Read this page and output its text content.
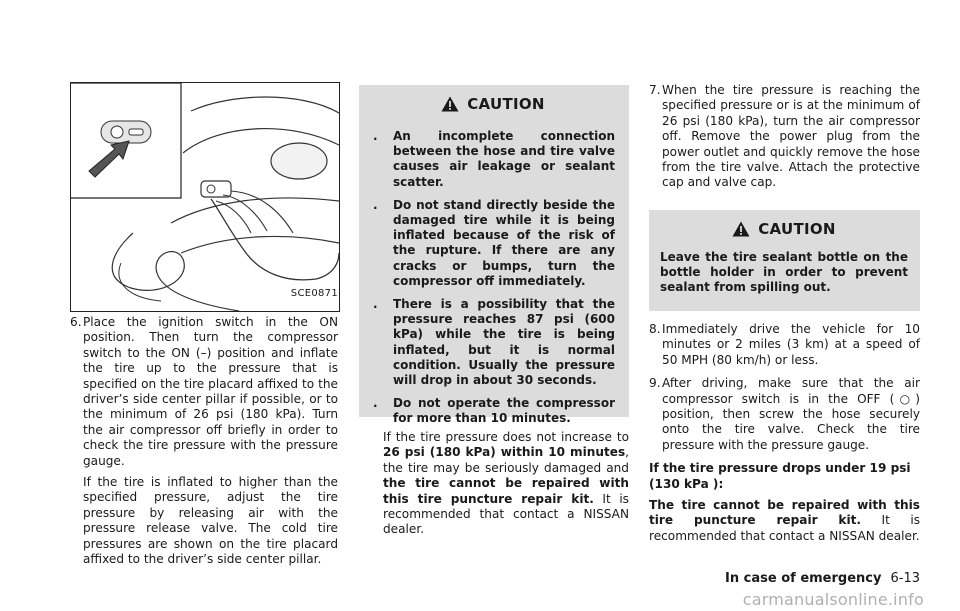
SCE0871
6. Place the ignition switch in the ON position. Then turn the compressor switch to the ON (–) position and inflate the tire up to the pressure that is specified on the tire placard affixed to the driver’s side center pillar if possible, or to the minimum of 26 psi (180 kPa). Turn the air compressor off briefly in order to check the tire pressure with the pressure gauge.

If the tire is inflated to higher than the specified pressure, adjust the tire pressure by releasing air with the pressure release valve. The cold tire pressures are shown on the tire placard affixed to the driver’s side center pillar.

CAUTION
. An incomplete connection between the hose and tire valve causes air leakage or sealant scatter.
. Do not stand directly beside the damaged tire while it is being inflated because of the risk of the rupture. If there are any cracks or bumps, turn the compressor off immediately.
. There is a possibility that the pressure reaches 87 psi (600 kPa) while the tire is being inflated, but it is normal condition. Usually the pressure will drop in about 30 seconds.
. Do not operate the compressor for more than 10 minutes.

If the tire pressure does not increase to 26 psi (180 kPa) within 10 minutes, the tire may be seriously damaged and the tire cannot be repaired with this tire puncture repair kit. It is recommended that contact a NISSAN dealer.

7. When the tire pressure is reaching the specified pressure or is at the minimum of 26 psi (180 kPa), turn the air compressor off. Remove the power plug from the power outlet and quickly remove the hose from the tire valve. Attach the protective cap and valve cap.

CAUTION

Leave the tire sealant bottle on the bottle holder in order to prevent sealant from spilling out.

8. Immediately drive the vehicle for 10 minutes or 2 miles (3 km) at a speed of 50 MPH (80 km/h) or less.

9. After driving, make sure that the air compressor switch is in the OFF (○) position, then screw the hose securely onto the tire valve. Check the tire pressure with the pressure gauge.

If the tire pressure drops under 19 psi (130 kPa ):

The tire cannot be repaired with this tire puncture repair kit. It is recommended that contact a NISSAN dealer.

In case of emergency 6-13
carmanualsonline.info
